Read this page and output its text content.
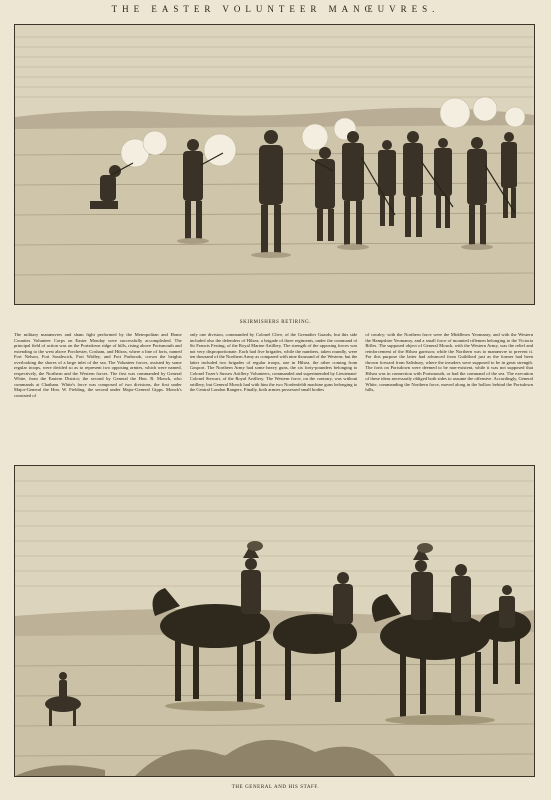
THE EASTER VOLUNTEER MANŒUVRES.
SKIRMISHERS RETIRING.
The military manœuvres and sham fight performed by the Metropolitan and Home Counties Volunteer Corps on Easter Monday were successfully accomplished. The principal field of action was on the Portsdown ridge of hills, rising above Portsmouth and extending to the west above Porchester, Cosham, and Hilsea, where a line of forts, named Fort Nelson, Fort Southwick, Fort Widley, and Fort Purbrook, crown the heights overlooking the shores of a large inlet of the sea. The Volunteer forces, assisted by some regular troops, were divided so as to represent two opposing armies, which were named, respectively, the Northern and the Western forces. The first was commanded by General White, from the Eastern District; the second by General the Hon. R. Monck, who commands at Chatham. White's force was composed of two divisions, the first under Major-General the Hon. W. Fielding, the second under Major-General Gipps. Monck's consisted of
only one division, commanded by Colonel Clive, of the Grenadier Guards; but this side included also the defenders of Hilsea, a brigade of three regiments, under the command of Sir Francis Festing, of the Royal Marine Artillery. The strength of the opposing forces was not very disproportionate. Each had five brigades, while the numbers, taken roundly, were ten thousand of the Northern Army as compared with nine thousand of the Western; but the latter included two brigades of regular troops, one in Hilsea, the other coming from Gosport. The Northern Army had some heavy guns, the six forty-pounders belonging to Colonel Tozer's Sussex Artillery Volunteers, commanded and superintended by Lieutenant-Colonel Stewart, of the Royal Artillery. The Western force, on the contrary, was without artillery, but General Monck had with him the two Nordenfeldt machine guns belonging to the Central London Rangers. Finally, both armies possessed small bodies
of cavalry; with the Northern force were the Middlesex Yeomanry, and with the Western the Hampshire Yeomanry, and a small force of mounted riflemen belonging to the Victoria Rifles. The supposed object of General Monck, with the Western Army, was the relief and reinforcement of the Hilsea garrison; while the Northern was to manœuvre to prevent it. For this purpose the latter had advanced from Guildford just as the former had been thrown forward from Salisbury, where the invaders were supposed to be in great strength. The forts on Portsdown were deemed to be non-existent, while it was not supposed that Hilsea was in connection with Portsmouth, or had the command of the sea. The execution of these ideas necessarily obliged both sides to assume the offensive. Accordingly, General White, commanding the Northern force, moved along in the hollow behind the Portsdown hills,
THE GENERAL AND HIS STAFF.
